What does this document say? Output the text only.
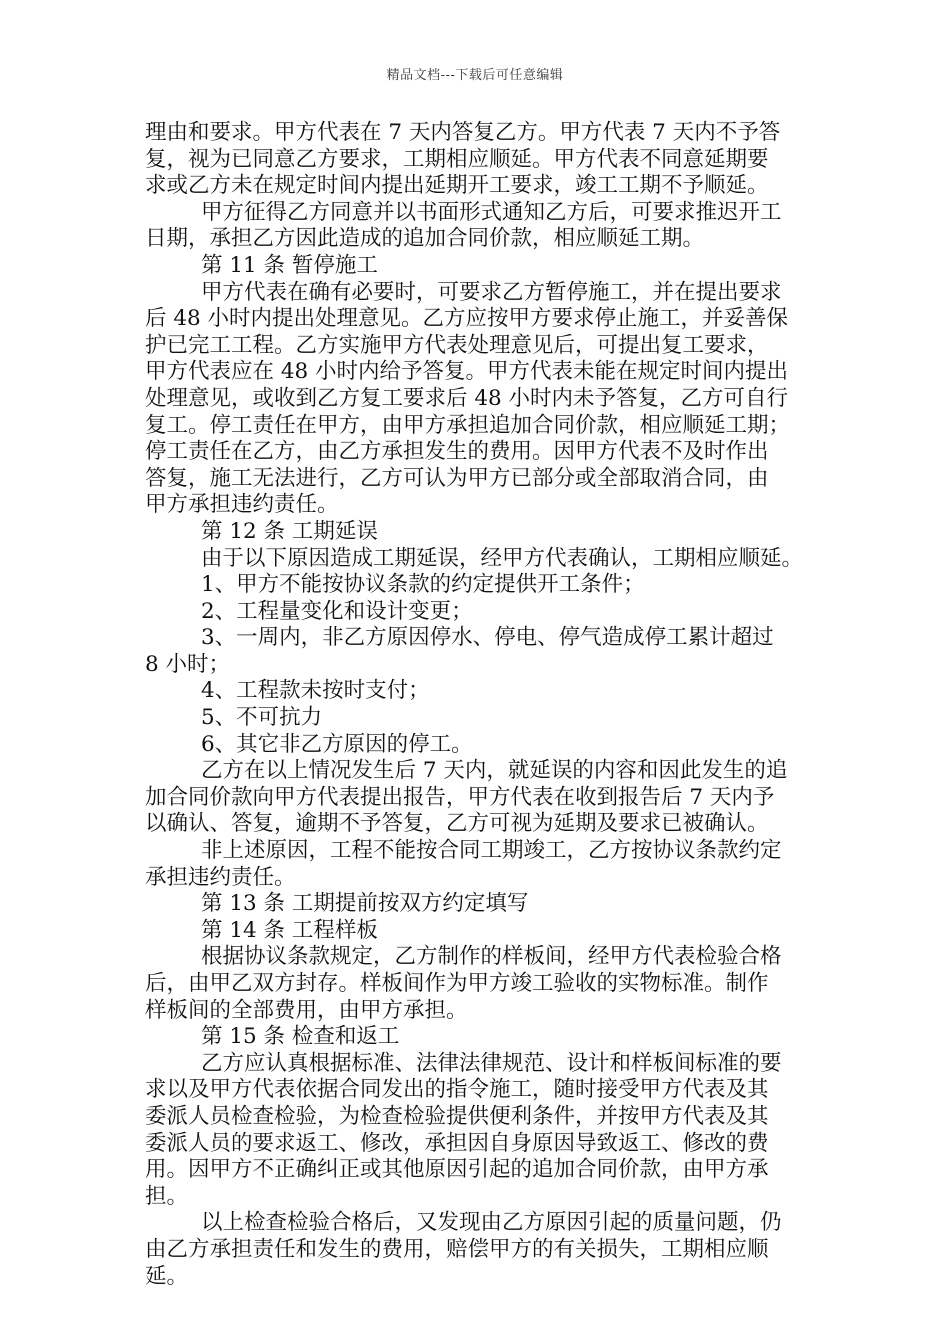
精品文档---下载后可任意编辑
理由和要求。甲方代表在 7 天内答复乙方。甲方代表 7 天内不予答
复，视为已同意乙方要求，工期相应顺延。甲方代表不同意延期要
求或乙方未在规定时间内提出延期开工要求，竣工工期不予顺延。
甲方征得乙方同意并以书面形式通知乙方后，可要求推迟开工
日期，承担乙方因此造成的追加合同价款，相应顺延工期。
第 11 条 暂停施工
甲方代表在确有必要时，可要求乙方暂停施工，并在提出要求
后 48 小时内提出处理意见。乙方应按甲方要求停止施工，并妥善保
护已完工工程。乙方实施甲方代表处理意见后，可提出复工要求，
甲方代表应在 48 小时内给予答复。甲方代表未能在规定时间内提出
处理意见，或收到乙方复工要求后 48 小时内未予答复，乙方可自行
复工。停工责任在甲方，由甲方承担追加合同价款，相应顺延工期；
停工责任在乙方，由乙方承担发生的费用。因甲方代表不及时作出
答复，施工无法进行，乙方可认为甲方已部分或全部取消合同，由
甲方承担违约责任。
第 12 条 工期延误
由于以下原因造成工期延误，经甲方代表确认，工期相应顺延。
1、甲方不能按协议条款的约定提供开工条件；
2、工程量变化和设计变更；
3、一周内，非乙方原因停水、停电、停气造成停工累计超过
8 小时；
4、工程款未按时支付；
5、不可抗力
6、其它非乙方原因的停工。
乙方在以上情况发生后 7 天内，就延误的内容和因此发生的追
加合同价款向甲方代表提出报告，甲方代表在收到报告后 7 天内予
以确认、答复，逾期不予答复，乙方可视为延期及要求已被确认。
非上述原因，工程不能按合同工期竣工，乙方按协议条款约定
承担违约责任。
第 13 条 工期提前按双方约定填写
第 14 条 工程样板
根据协议条款规定，乙方制作的样板间，经甲方代表检验合格
后，由甲乙双方封存。样板间作为甲方竣工验收的实物标准。制作
样板间的全部费用，由甲方承担。
第 15 条 检查和返工
乙方应认真根据标准、法律法律规范、设计和样板间标准的要
求以及甲方代表依据合同发出的指令施工，随时接受甲方代表及其
委派人员检查检验，为检查检验提供便利条件，并按甲方代表及其
委派人员的要求返工、修改，承担因自身原因导致返工、修改的费
用。因甲方不正确纠正或其他原因引起的追加合同价款，由甲方承
担。
以上检查检验合格后，又发现由乙方原因引起的质量问题，仍
由乙方承担责任和发生的费用，赔偿甲方的有关损失，工期相应顺
延。
